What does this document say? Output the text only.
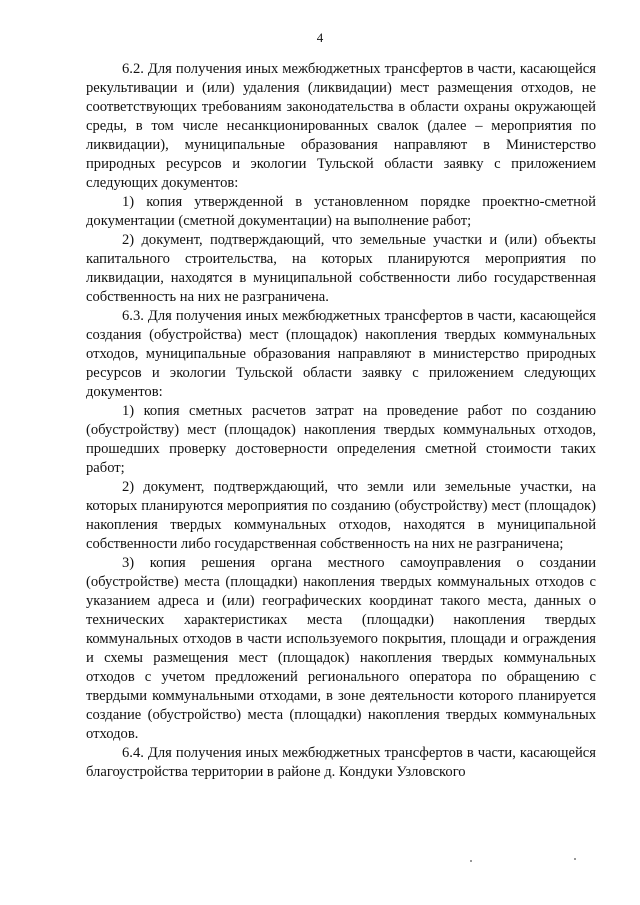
4

6.2. Для получения иных межбюджетных трансфертов в части, касающейся рекультивации и (или) удаления (ликвидации) мест размещения отходов, не соответствующих требованиям законодательства в области охраны окружающей среды, в том числе несанкционированных свалок (далее – мероприятия по ликвидации), муниципальные образования направляют в Министерство природных ресурсов и экологии Тульской области заявку с приложением следующих документов:

1) копия утвержденной в установленном порядке проектно-сметной документации (сметной документации) на выполнение работ;

2) документ, подтверждающий, что земельные участки и (или) объекты капитального строительства, на которых планируются мероприятия по ликвидации, находятся в муниципальной собственности либо государственная собственность на них не разграничена.

6.3. Для получения иных межбюджетных трансфертов в части, касающейся создания (обустройства) мест (площадок) накопления твердых коммунальных отходов, муниципальные образования направляют в министерство природных ресурсов и экологии Тульской области заявку с приложением следующих документов:

1) копия сметных расчетов затрат на проведение работ по созданию (обустройству) мест (площадок) накопления твердых коммунальных отходов, прошедших проверку достоверности определения сметной стоимости таких работ;

2) документ, подтверждающий, что земли или земельные участки, на которых планируются мероприятия по созданию (обустройству) мест (площадок) накопления твердых коммунальных отходов, находятся в муниципальной собственности либо государственная собственность на них не разграничена;

3) копия решения органа местного самоуправления о создании (обустройстве) места (площадки) накопления твердых коммунальных отходов с указанием адреса и (или) географических координат такого места, данных о технических характеристиках места (площадки) накопления твердых коммунальных отходов в части используемого покрытия, площади и ограждения и схемы размещения мест (площадок) накопления твердых коммунальных отходов с учетом предложений регионального оператора по обращению с твердыми коммунальными отходами, в зоне деятельности которого планируется создание (обустройство) места (площадки) накопления твердых коммунальных отходов.

6.4. Для получения иных межбюджетных трансфертов в части, касающейся благоустройства территории в районе д. Кондуки Узловского
